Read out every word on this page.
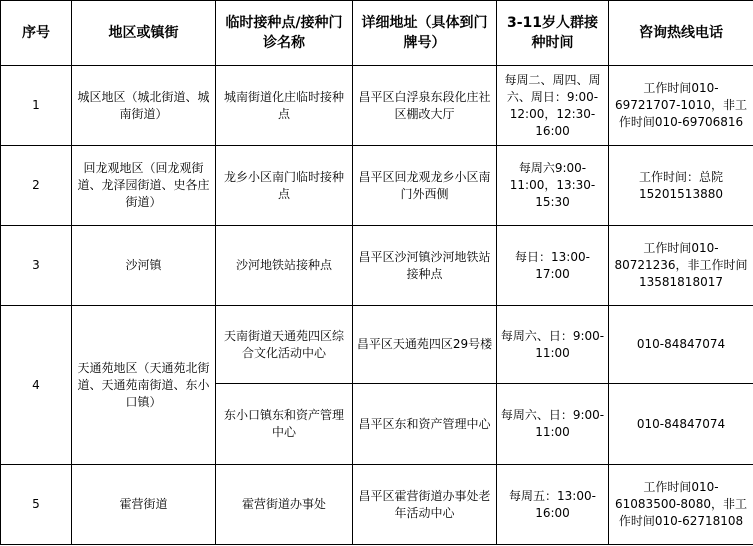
序号	地区或镇街	临时接种点/接种门诊名称	详细地址（具体到门牌号）	3-11岁人群接种时间	咨询热线电话
1	城区地区（城北街道、城南街道）	城南街道化庄临时接种点	昌平区白浮泉东段化庄社区棚改大厅	每周二、周四、周六、周日：9:00-12:00，12:30-16:00	工作时间010-69721707-1010，非工作时间010-69706816
2	回龙观地区（回龙观街道、龙泽园街道、史各庄街道）	龙乡小区南门临时接种点	昌平区回龙观龙乡小区南门外西侧	每周六9:00-11:00，13:30-15:30	工作时间：总院15201513880
3	沙河镇	沙河地铁站接种点	昌平区沙河镇沙河地铁站接种点	每日：13:00-17:00	工作时间010-80721236，非工作时间13581818017
4	天通苑地区（天通苑北街道、天通苑南街道、东小口镇）	天南街道天通苑四区综合文化活动中心	昌平区天通苑四区29号楼	每周六、日：9:00-11:00	010-84847074
		东小口镇东和资产管理中心	昌平区东和资产管理中心	每周六、日：9:00-11:00	010-84847074
5	霍营街道	霍营街道办事处	昌平区霍营街道办事处老年活动中心	每周五：13:00-16:00	工作时间010-61083500-8080，非工作时间010-62718108
